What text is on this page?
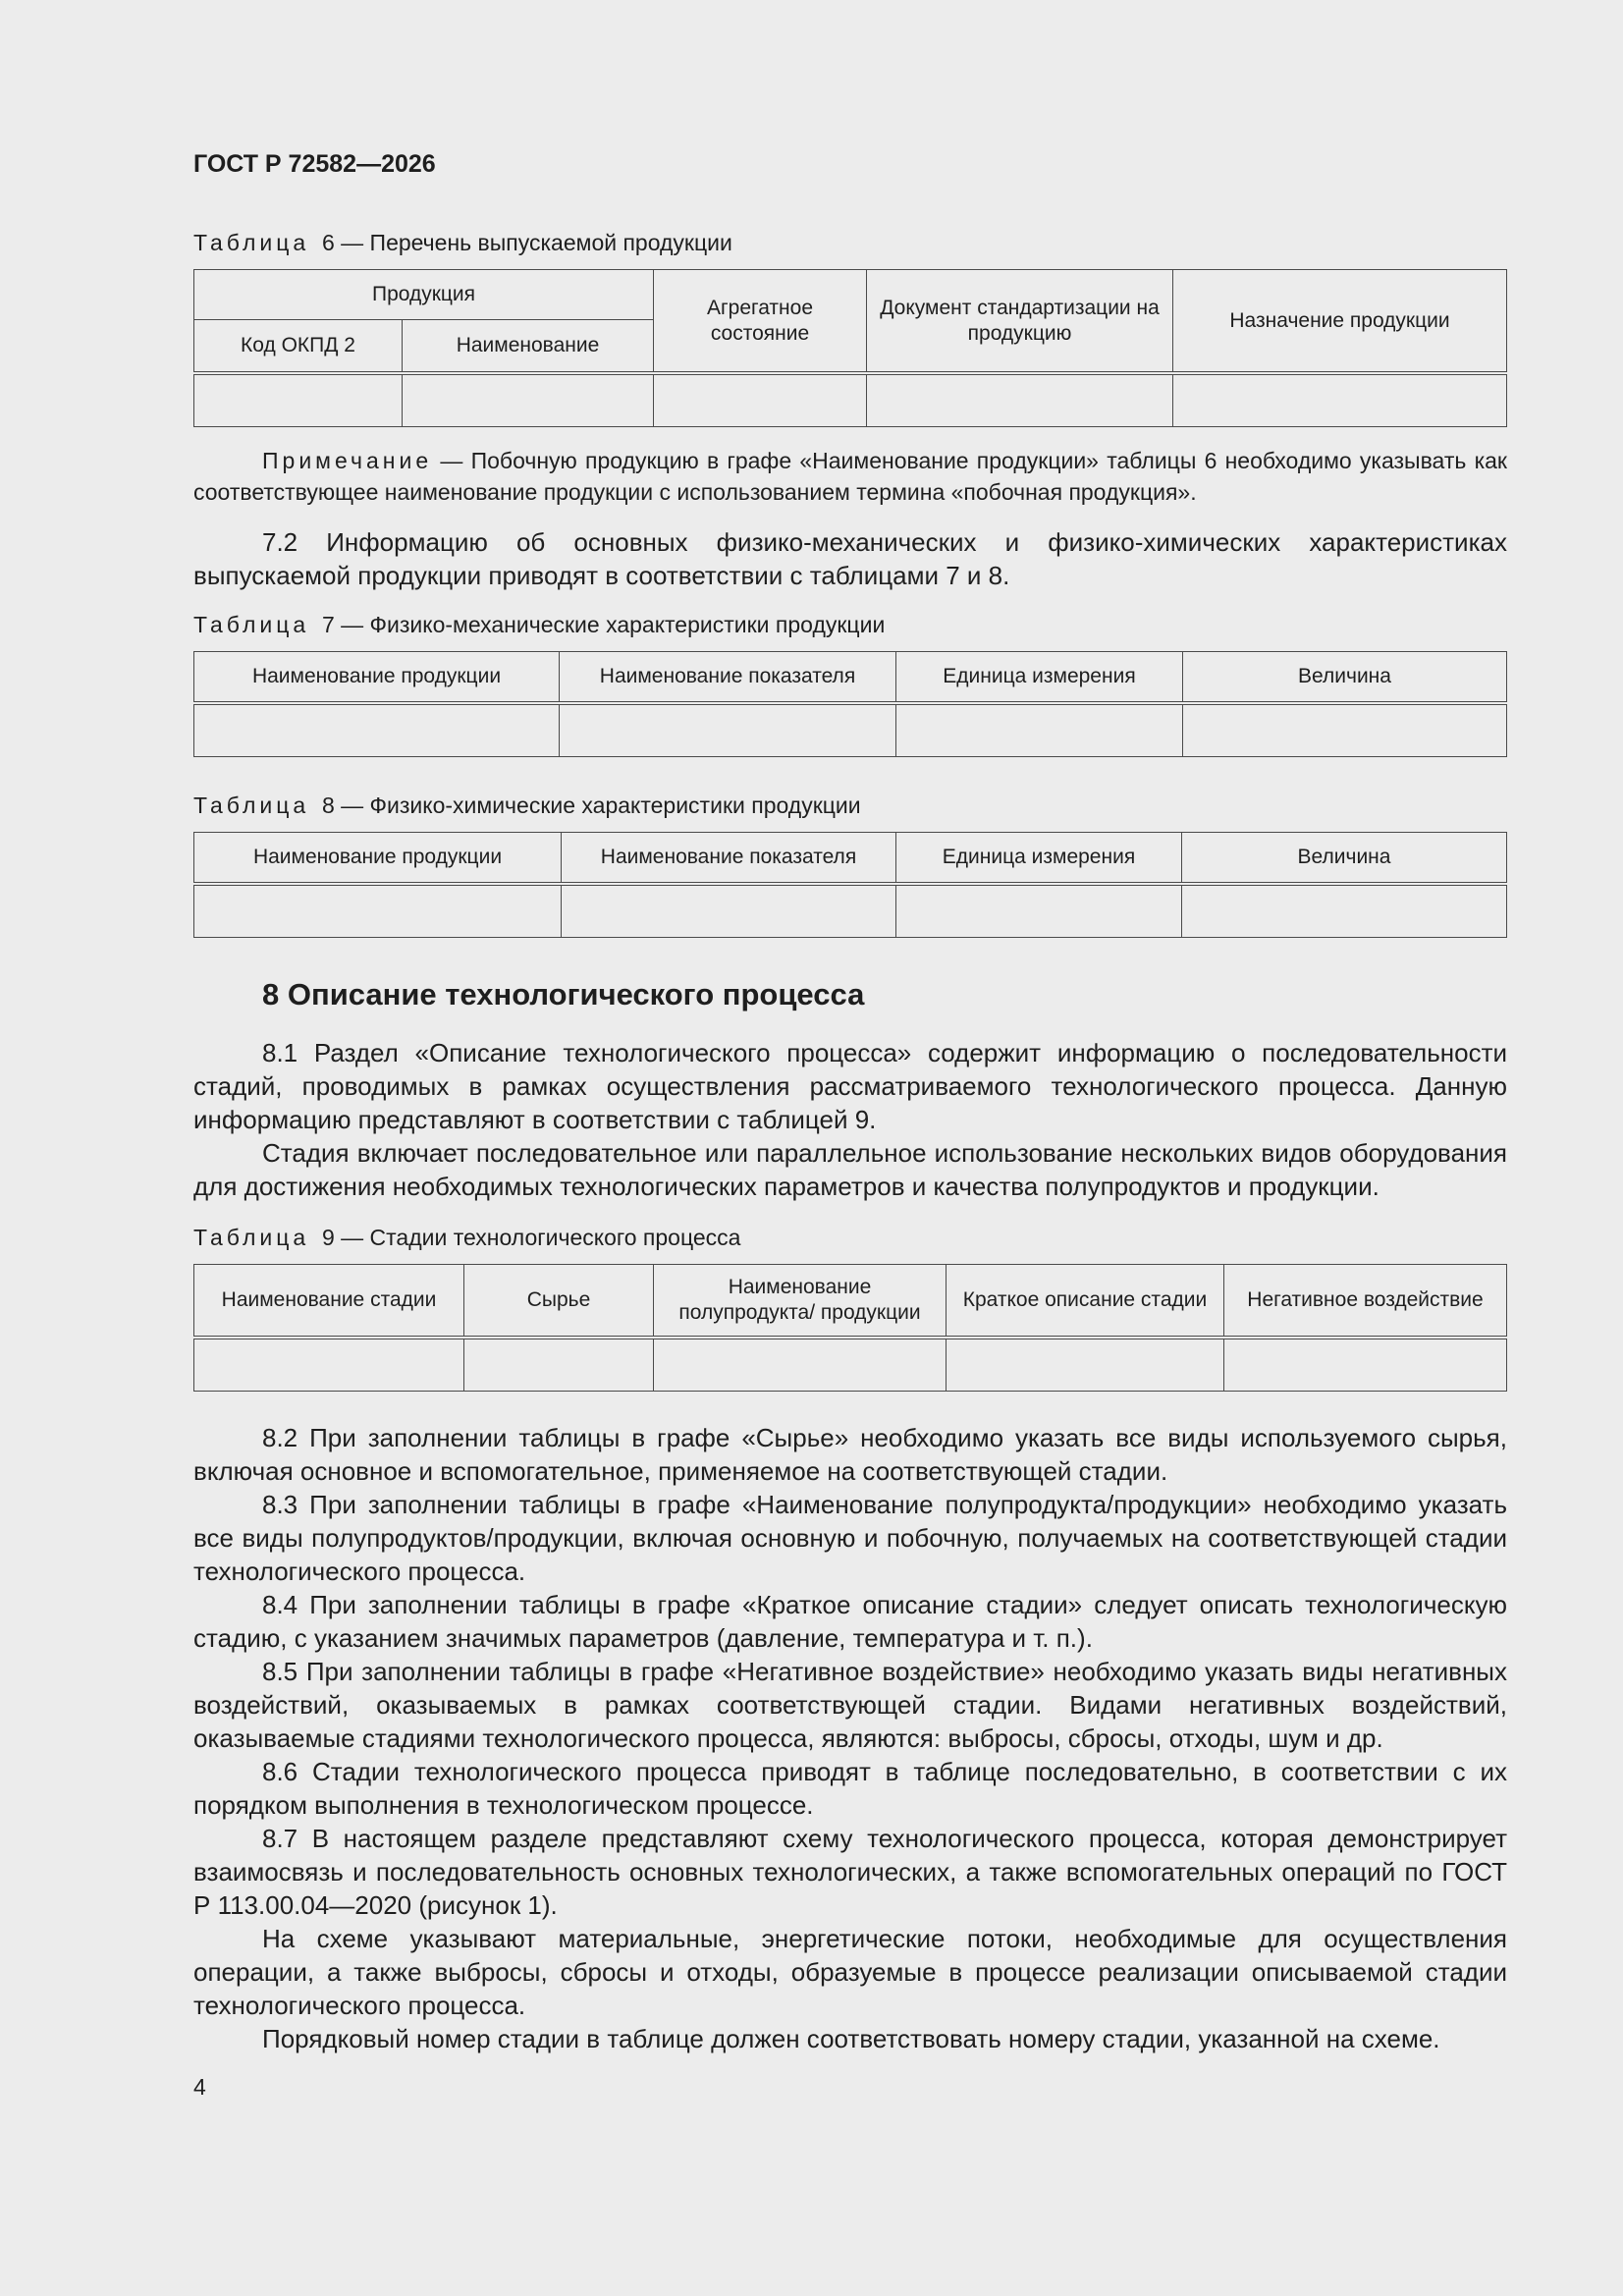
ГОСТ Р 72582—2026
Таблица 6 — Перечень выпускаемой продукции
Продукция		Агрегатное состояние	Документ стандартизации на продукцию	Назначение продукции
Код ОКПД 2	Наименование			

Примечание — Побочную продукцию в графе «Наименование продукции» таблицы 6 необходимо указывать как соответствующее наименование продукции с использованием термина «побочная продукция».

7.2 Информацию об основных физико-механических и физико-химических характеристиках выпускаемой продукции приводят в соответствии с таблицами 7 и 8.

Таблица 7 — Физико-механические характеристики продукции
Наименование продукции	Наименование показателя	Единица измерения	Величина

Таблица 8 — Физико-химические характеристики продукции
Наименование продукции	Наименование показателя	Единица измерения	Величина

8 Описание технологического процесса

8.1 Раздел «Описание технологического процесса» содержит информацию о последовательности стадий, проводимых в рамках осуществления рассматриваемого технологического процесса. Данную информацию представляют в соответствии с таблицей 9.

Стадия включает последовательное или параллельное использование нескольких видов оборудования для достижения необходимых технологических параметров и качества полупродуктов и продукции.

Таблица 9 — Стадии технологического процесса
Наименование стадии	Сырье	Наименование полупродукта/ продукции	Краткое описание стадии	Негативное воздействие

8.2 При заполнении таблицы в графе «Сырье» необходимо указать все виды используемого сырья, включая основное и вспомогательное, применяемое на соответствующей стадии.

8.3 При заполнении таблицы в графе «Наименование полупродукта/продукции» необходимо указать все виды полупродуктов/продукции, включая основную и побочную, получаемых на соответствующей стадии технологического процесса.

8.4 При заполнении таблицы в графе «Краткое описание стадии» следует описать технологическую стадию, с указанием значимых параметров (давление, температура и т. п.).

8.5 При заполнении таблицы в графе «Негативное воздействие» необходимо указать виды негативных воздействий, оказываемых в рамках соответствующей стадии. Видами негативных воздействий, оказываемые стадиями технологического процесса, являются: выбросы, сбросы, отходы, шум и др.

8.6 Стадии технологического процесса приводят в таблице последовательно, в соответствии с их порядком выполнения в технологическом процессе.

8.7 В настоящем разделе представляют схему технологического процесса, которая демонстрирует взаимосвязь и последовательность основных технологических, а также вспомогательных операций по ГОСТ Р 113.00.04—2020 (рисунок 1).

На схеме указывают материальные, энергетические потоки, необходимые для осуществления операции, а также выбросы, сбросы и отходы, образуемые в процессе реализации описываемой стадии технологического процесса.

Порядковый номер стадии в таблице должен соответствовать номеру стадии, указанной на схеме.

4
